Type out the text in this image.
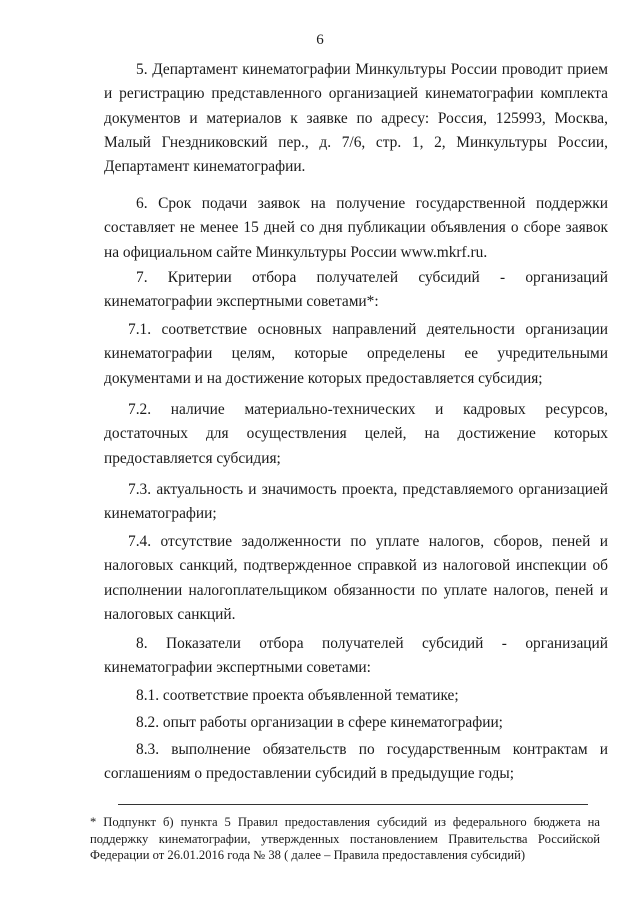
6
5. Департамент кинематографии Минкультуры России проводит прием и регистрацию представленного организацией кинематографии комплекта документов и материалов к заявке по адресу: Россия, 125993, Москва, Малый Гнездниковский пер., д. 7/6, стр. 1, 2, Минкультуры России, Департамент кинематографии.
6. Срок подачи заявок на получение государственной поддержки составляет не менее 15 дней со дня публикации объявления о сборе заявок на официальном сайте Минкультуры России www.mkrf.ru.
7. Критерии отбора получателей субсидий - организаций кинематографии экспертными советами*:
7.1. соответствие основных направлений деятельности организации кинематографии целям, которые определены ее учредительными документами и на достижение которых предоставляется субсидия;
7.2. наличие материально-технических и кадровых ресурсов, достаточных для осуществления целей, на достижение которых предоставляется субсидия;
7.3. актуальность и значимость проекта, представляемого организацией кинематографии;
7.4. отсутствие задолженности по уплате налогов, сборов, пеней и налоговых санкций, подтвержденное справкой из налоговой инспекции об исполнении налогоплательщиком обязанности по уплате налогов, пеней и налоговых санкций.
8. Показатели отбора получателей субсидий - организаций кинематографии экспертными советами:
8.1. соответствие проекта объявленной тематике;
8.2. опыт работы организации в сфере кинематографии;
8.3. выполнение обязательств по государственным контрактам и соглашениям о предоставлении субсидий в предыдущие годы;
* Подпункт б) пункта 5 Правил предоставления субсидий из федерального бюджета на поддержку кинематографии, утвержденных постановлением Правительства Российской Федерации от 26.01.2016 года № 38 ( далее – Правила предоставления субсидий)
